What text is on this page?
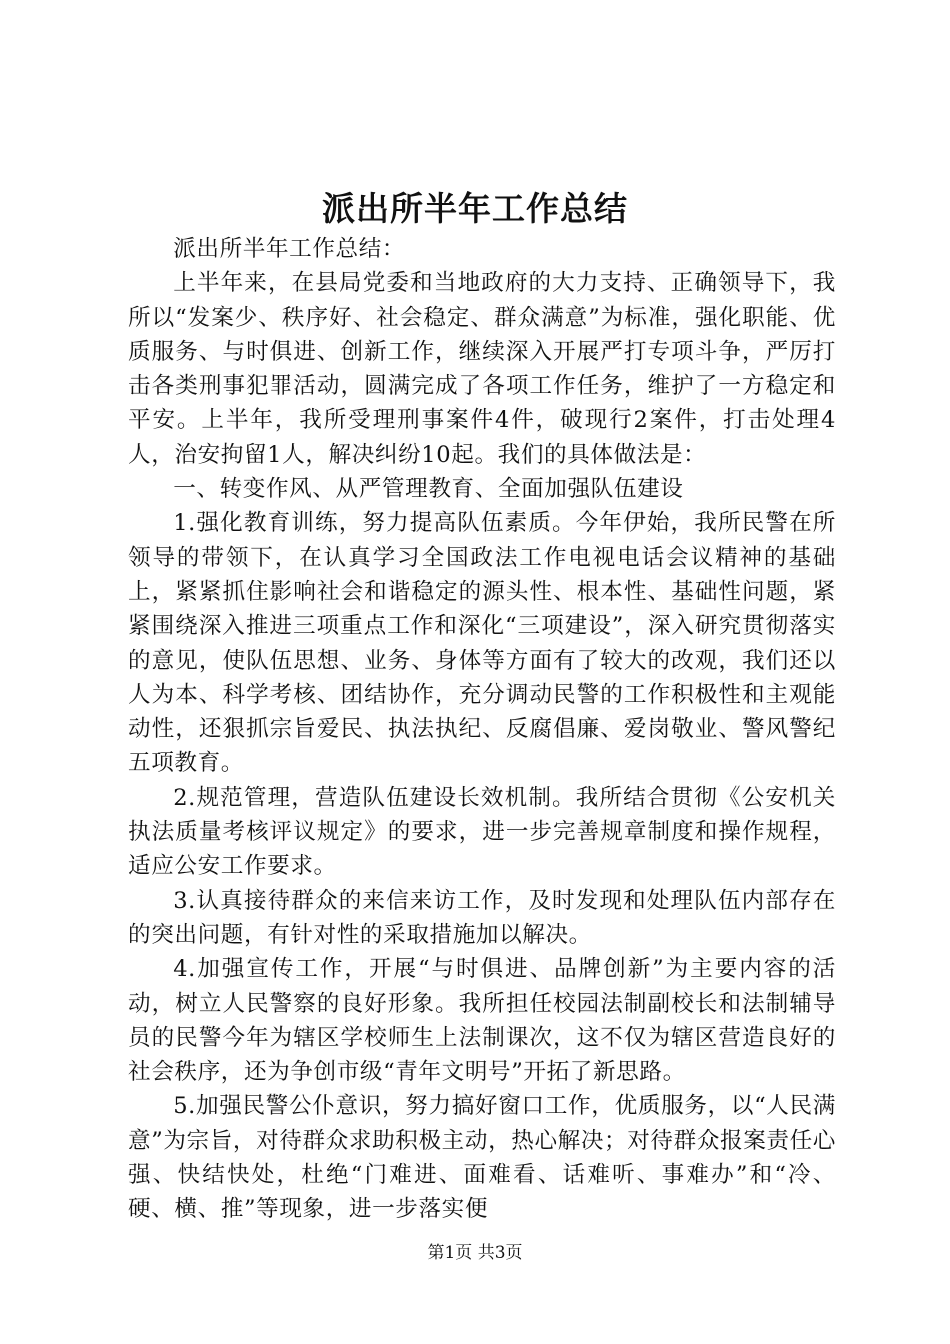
派出所半年工作总结

派出所半年工作总结：

上半年来，在县局党委和当地政府的大力支持、正确领导下，我所以“发案少、秩序好、社会稳定、群众满意”为标准，强化职能、优质服务、与时俱进、创新工作，继续深入开展严打专项斗争，严厉打击各类刑事犯罪活动，圆满完成了各项工作任务，维护了一方稳定和平安。上半年，我所受理刑事案件4件，破现行2案件，打击处理4人，治安拘留1人，解决纠纷10起。我们的具体做法是：

一、转变作风、从严管理教育、全面加强队伍建设

1.强化教育训练，努力提高队伍素质。今年伊始，我所民警在所领导的带领下，在认真学习全国政法工作电视电话会议精神的基础上，紧紧抓住影响社会和谐稳定的源头性、根本性、基础性问题，紧紧围绕深入推进三项重点工作和深化“三项建设”，深入研究贯彻落实的意见，使队伍思想、业务、身体等方面有了较大的改观，我们还以人为本、科学考核、团结协作，充分调动民警的工作积极性和主观能动性，还狠抓宗旨爱民、执法执纪、反腐倡廉、爱岗敬业、警风警纪五项教育。

2.规范管理，营造队伍建设长效机制。我所结合贯彻《公安机关执法质量考核评议规定》的要求，进一步完善规章制度和操作规程，适应公安工作要求。

3.认真接待群众的来信来访工作，及时发现和处理队伍内部存在的突出问题，有针对性的采取措施加以解决。

4.加强宣传工作，开展“与时俱进、品牌创新”为主要内容的活动，树立人民警察的良好形象。我所担任校园法制副校长和法制辅导员的民警今年为辖区学校师生上法制课次，这不仅为辖区营造良好的社会秩序，还为争创市级“青年文明号”开拓了新思路。

5.加强民警公仆意识，努力搞好窗口工作，优质服务，以“人民满意”为宗旨，对待群众求助积极主动，热心解决；对待群众报案责任心强、快结快处，杜绝“门难进、面难看、话难听、事难办”和“冷、硬、横、推”等现象，进一步落实便

第1页 共3页
